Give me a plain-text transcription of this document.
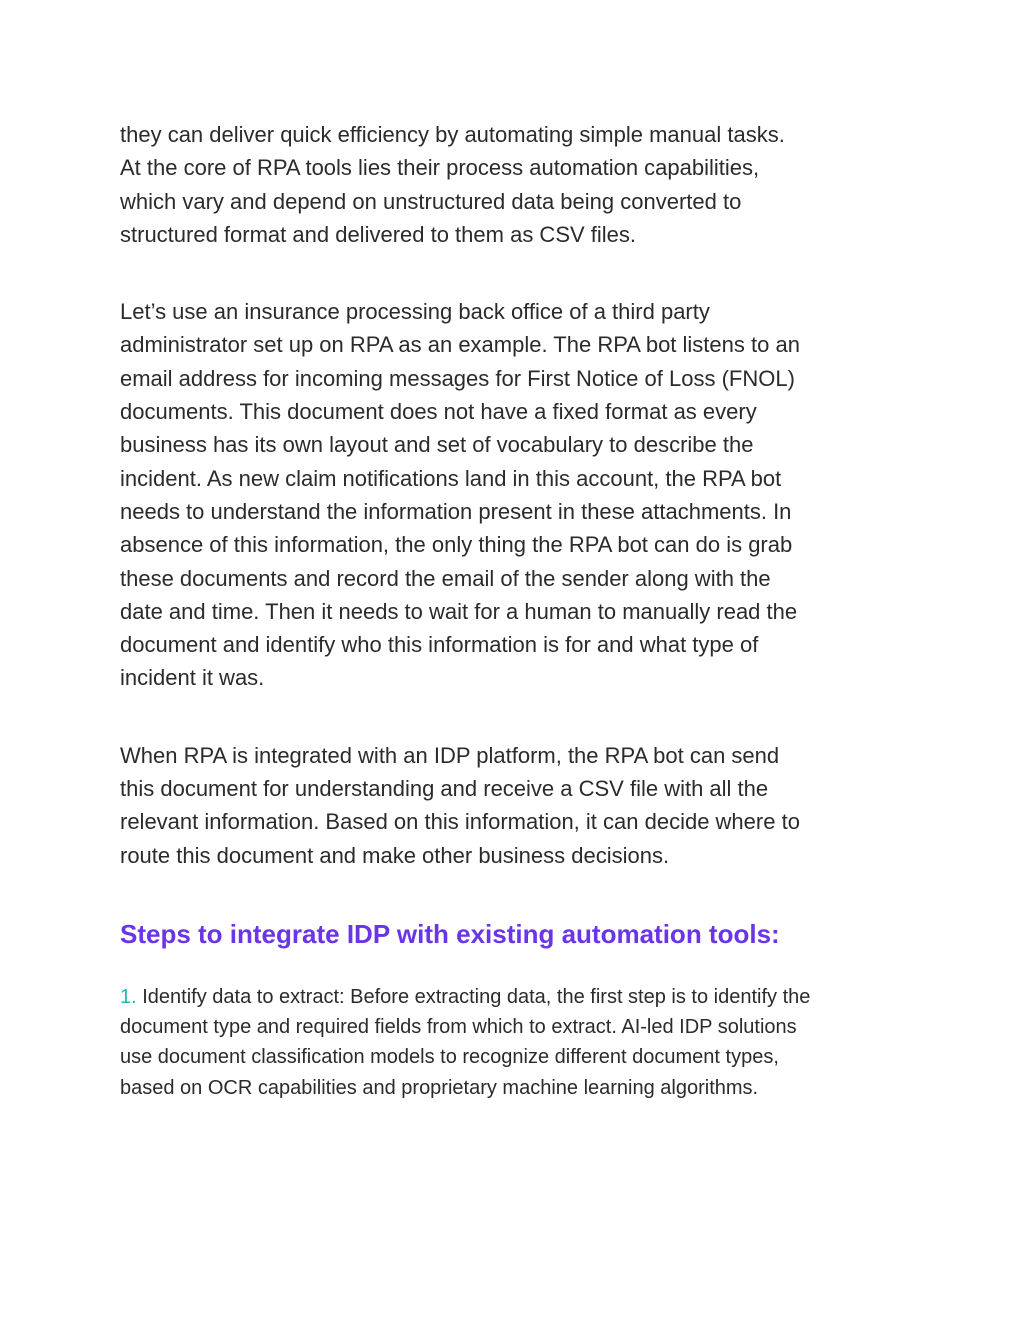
they can deliver quick efficiency by automating simple manual tasks.
At the core of RPA tools lies their process automation capabilities,
which vary and depend on unstructured data being converted to
structured format and delivered to them as CSV files.

Let’s use an insurance processing back office of a third party
administrator set up on RPA as an example. The RPA bot listens to an
email address for incoming messages for First Notice of Loss (FNOL)
documents. This document does not have a fixed format as every
business has its own layout and set of vocabulary to describe the
incident. As new claim notifications land in this account, the RPA bot
needs to understand the information present in these attachments. In
absence of this information, the only thing the RPA bot can do is grab
these documents and record the email of the sender along with the
date and time. Then it needs to wait for a human to manually read the
document and identify who this information is for and what type of
incident it was.

When RPA is integrated with an IDP platform, the RPA bot can send
this document for understanding and receive a CSV file with all the
relevant information. Based on this information, it can decide where to
route this document and make other business decisions.

Steps to integrate IDP with existing automation tools:

1. Identify data to extract: Before extracting data, the first step is to identify the
document type and required fields from which to extract. AI-led IDP solutions
use document classification models to recognize different document types,
based on OCR capabilities and proprietary machine learning algorithms.
